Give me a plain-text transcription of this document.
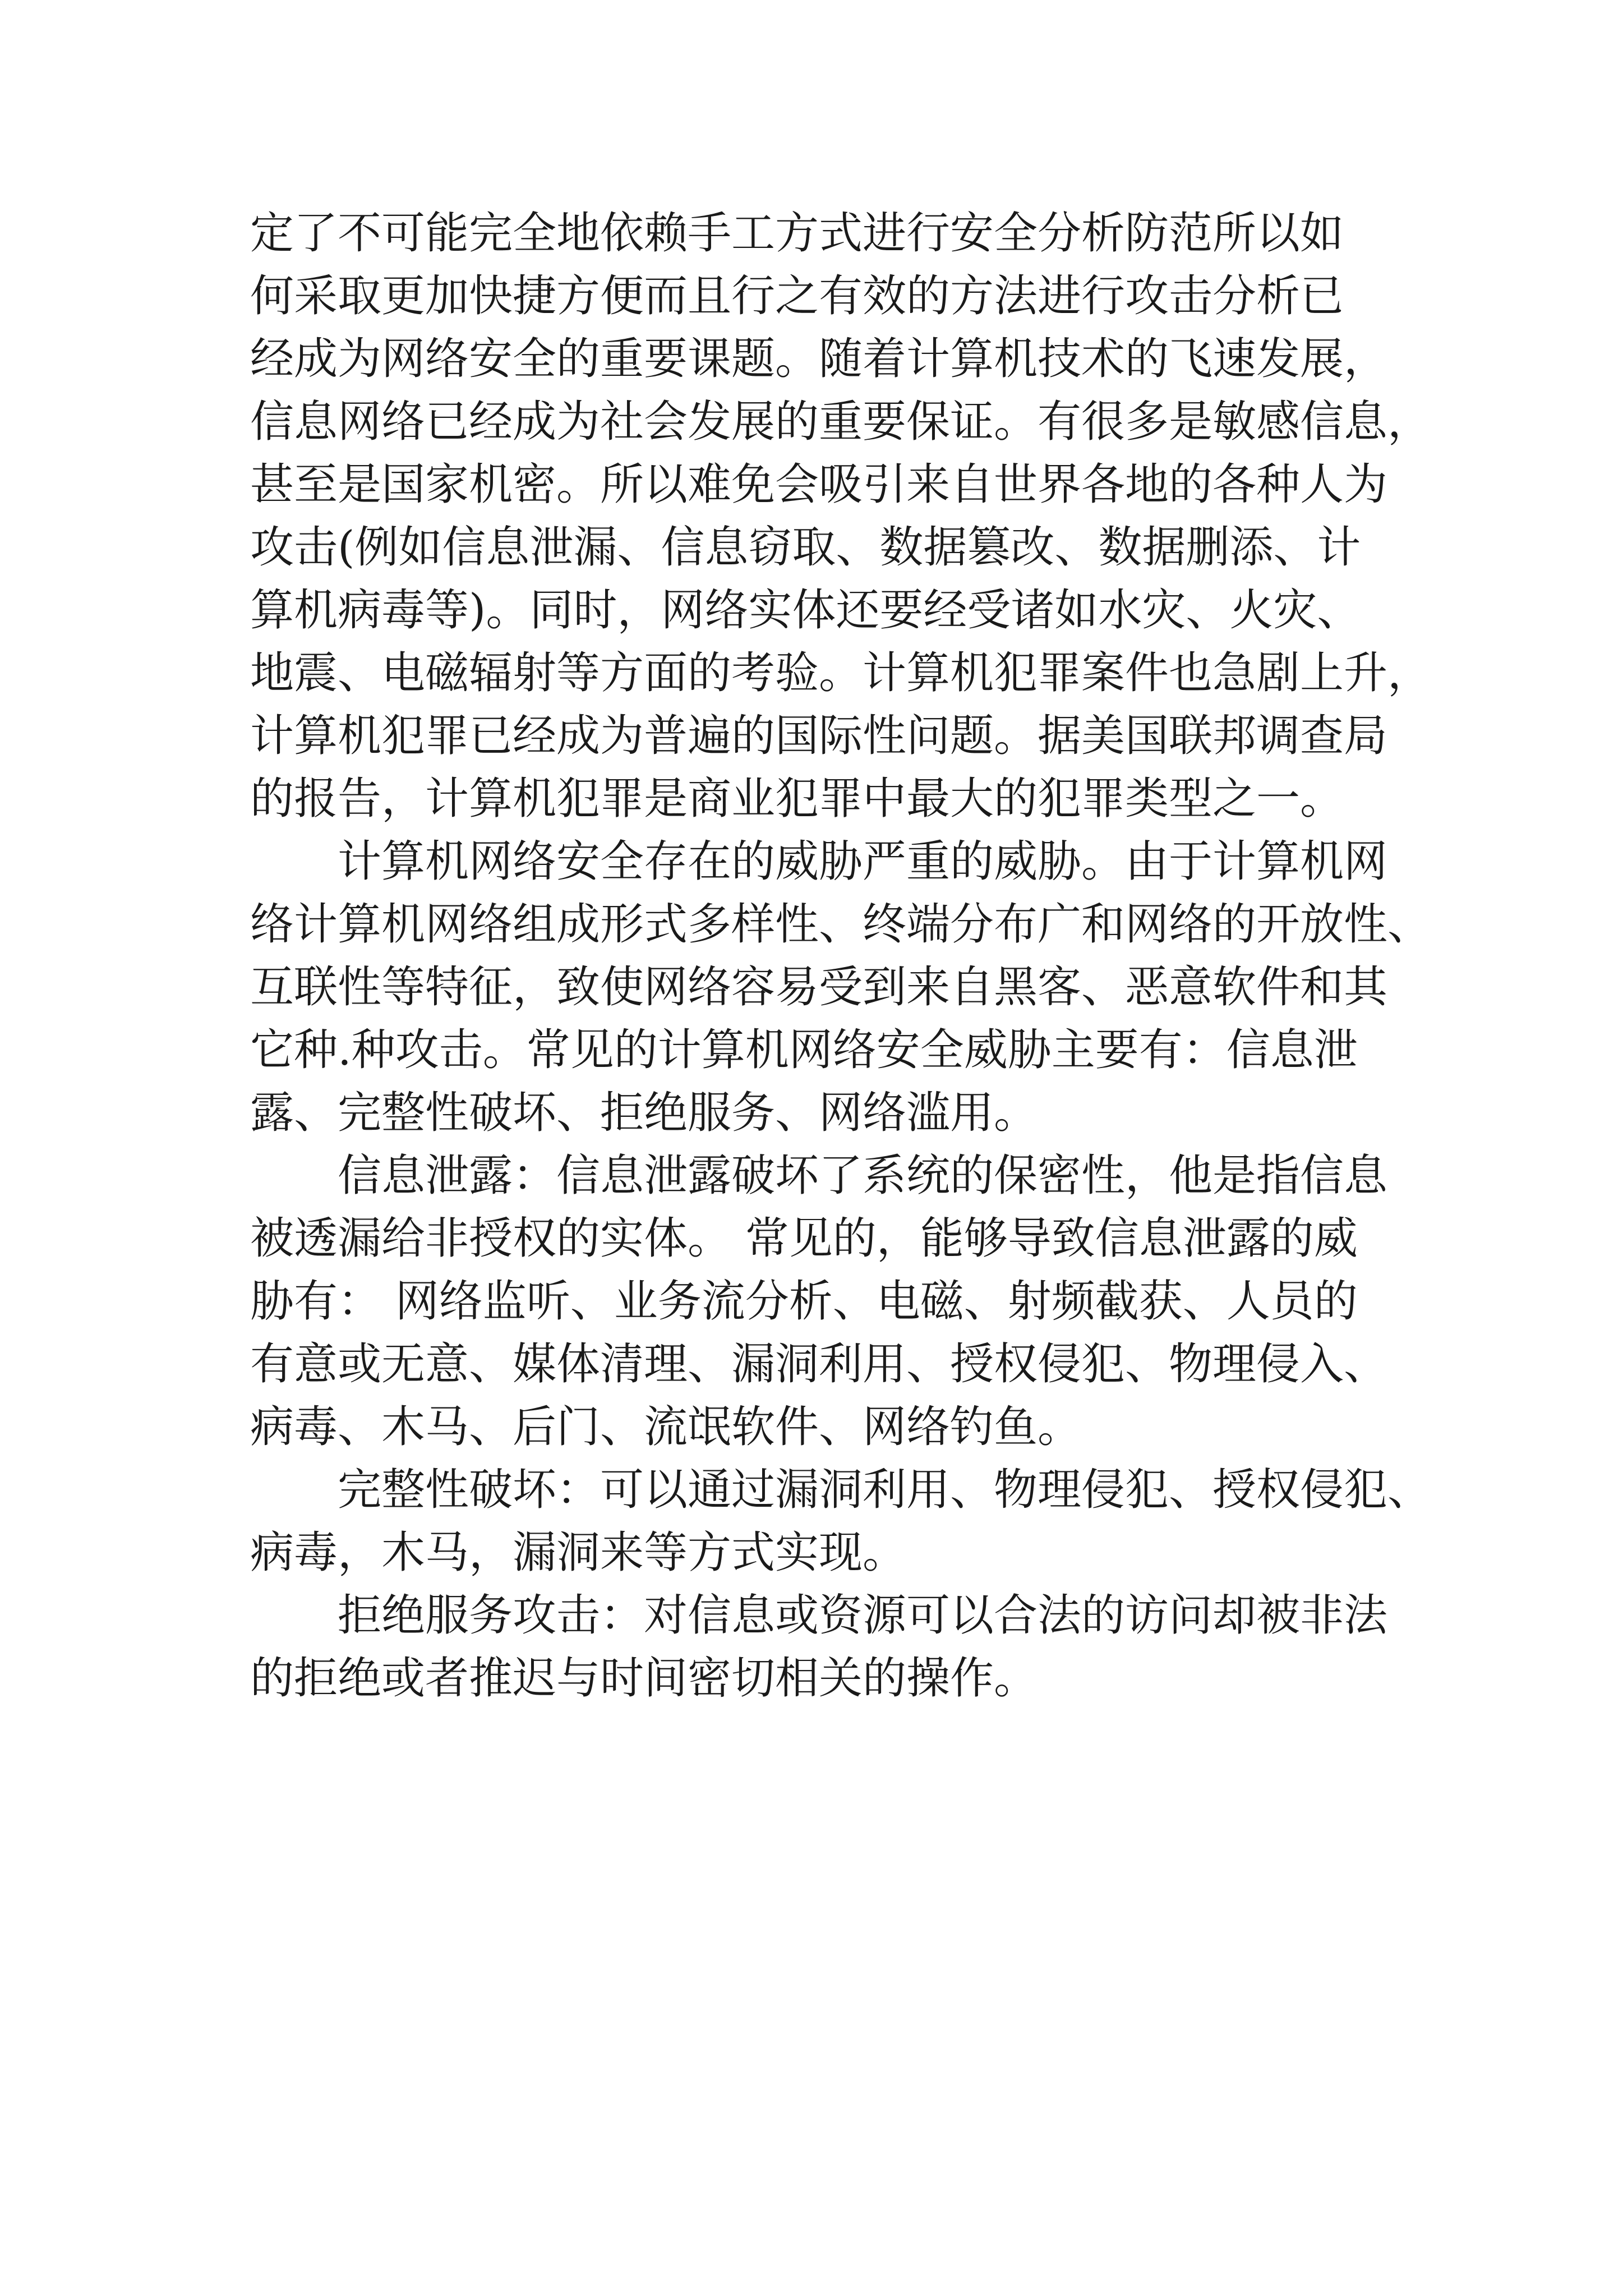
定了不可能完全地依赖手工方式进行安全分析防范所以如
何采取更加快捷方便而且行之有效的方法进行攻击分析已
经成为网络安全的重要课题。随着计算机技术的飞速发展，
信息网络已经成为社会发展的重要保证。有很多是敏感信息，
甚至是国家机密。所以难免会吸引来自世界各地的各种人为
攻击(例如信息泄漏、信息窃取、数据篡改、数据删添、计
算机病毒等)。同时，网络实体还要经受诸如水灾、火灾、
地震、电磁辐射等方面的考验。计算机犯罪案件也急剧上升，
计算机犯罪已经成为普遍的国际性问题。据美国联邦调查局
的报告，计算机犯罪是商业犯罪中最大的犯罪类型之一。
计算机网络安全存在的威胁严重的威胁。由于计算机网
络计算机网络组成形式多样性、终端分布广和网络的开放性、
互联性等特征，致使网络容易受到来自黑客、恶意软件和其
它种.种攻击。常见的计算机网络安全威胁主要有：信息泄
露、完整性破坏、拒绝服务、网络滥用。
信息泄露：信息泄露破坏了系统的保密性，他是指信息
被透漏给非授权的实体。 常见的，能够导致信息泄露的威
胁有： 网络监听、业务流分析、电磁、射频截获、人员的
有意或无意、媒体清理、漏洞利用、授权侵犯、物理侵入、
病毒、木马、后门、流氓软件、网络钓鱼。
完整性破坏：可以通过漏洞利用、物理侵犯、授权侵犯、
病毒，木马，漏洞来等方式实现。
拒绝服务攻击：对信息或资源可以合法的访问却被非法
的拒绝或者推迟与时间密切相关的操作。
